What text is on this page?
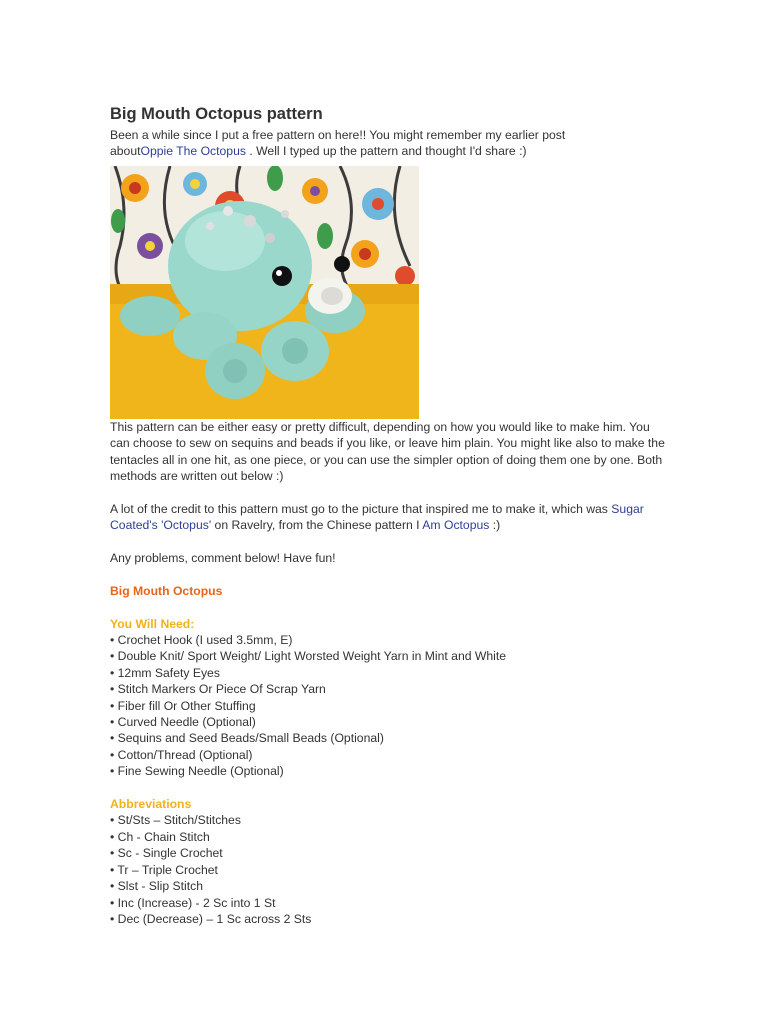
Big Mouth Octopus pattern

Been a while since I put a free pattern on here!! You might remember my earlier post
aboutOppie The Octopus . Well I typed up the pattern and thought I'd share :)

This pattern can be either easy or pretty difficult, depending on how you would like to make him. You can choose to sew on sequins and beads if you like, or leave him plain. You might like also to make the tentacles all in one hit, as one piece, or you can use the simpler option of doing them one by one. Both methods are written out below :)

A lot of the credit to this pattern must go to the picture that inspired me to make it, which was Sugar Coated's 'Octopus' on Ravelry, from the Chinese pattern I Am Octopus :)

Any problems, comment below! Have fun!

Big Mouth Octopus

You Will Need:

• Crochet Hook (I used 3.5mm, E)
• Double Knit/ Sport Weight/ Light Worsted Weight Yarn in Mint and White
• 12mm Safety Eyes
• Stitch Markers Or Piece Of Scrap Yarn
• Fiber fill Or Other Stuffing
• Curved Needle (Optional)
• Sequins and Seed Beads/Small Beads (Optional)
• Cotton/Thread (Optional)
• Fine Sewing Needle (Optional)

Abbreviations

• St/Sts – Stitch/Stitches
• Ch - Chain Stitch
• Sc - Single Crochet
• Tr – Triple Crochet
• Slst - Slip Stitch
• Inc (Increase) - 2 Sc into 1 St
• Dec (Decrease) – 1 Sc across 2 Sts
